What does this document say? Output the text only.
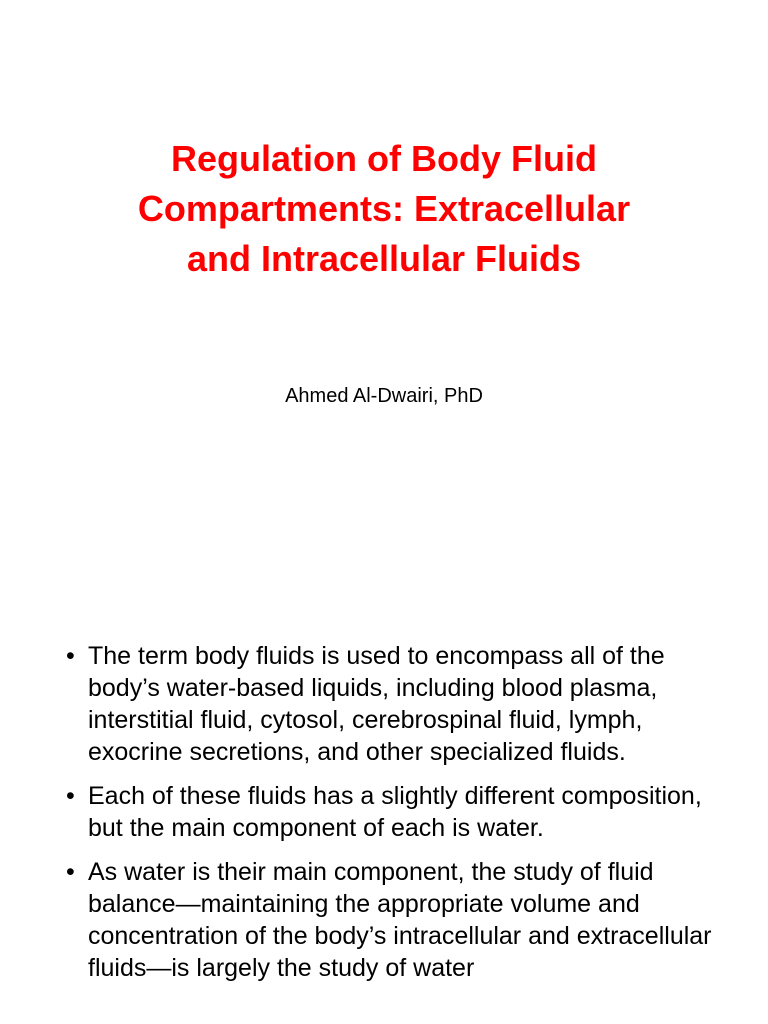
Regulation of Body Fluid
Compartments: Extracellular
and Intracellular Fluids
Ahmed Al-Dwairi, PhD
• The term body fluids is used to encompass all of the body’s water-based liquids, including blood plasma, interstitial fluid, cytosol, cerebrospinal fluid, lymph, exocrine secretions, and other specialized fluids.
• Each of these fluids has a slightly different composition, but the main component of each is water.
• As water is their main component, the study of fluid balance—maintaining the appropriate volume and concentration of the body’s intracellular and extracellular fluids—is largely the study of water
